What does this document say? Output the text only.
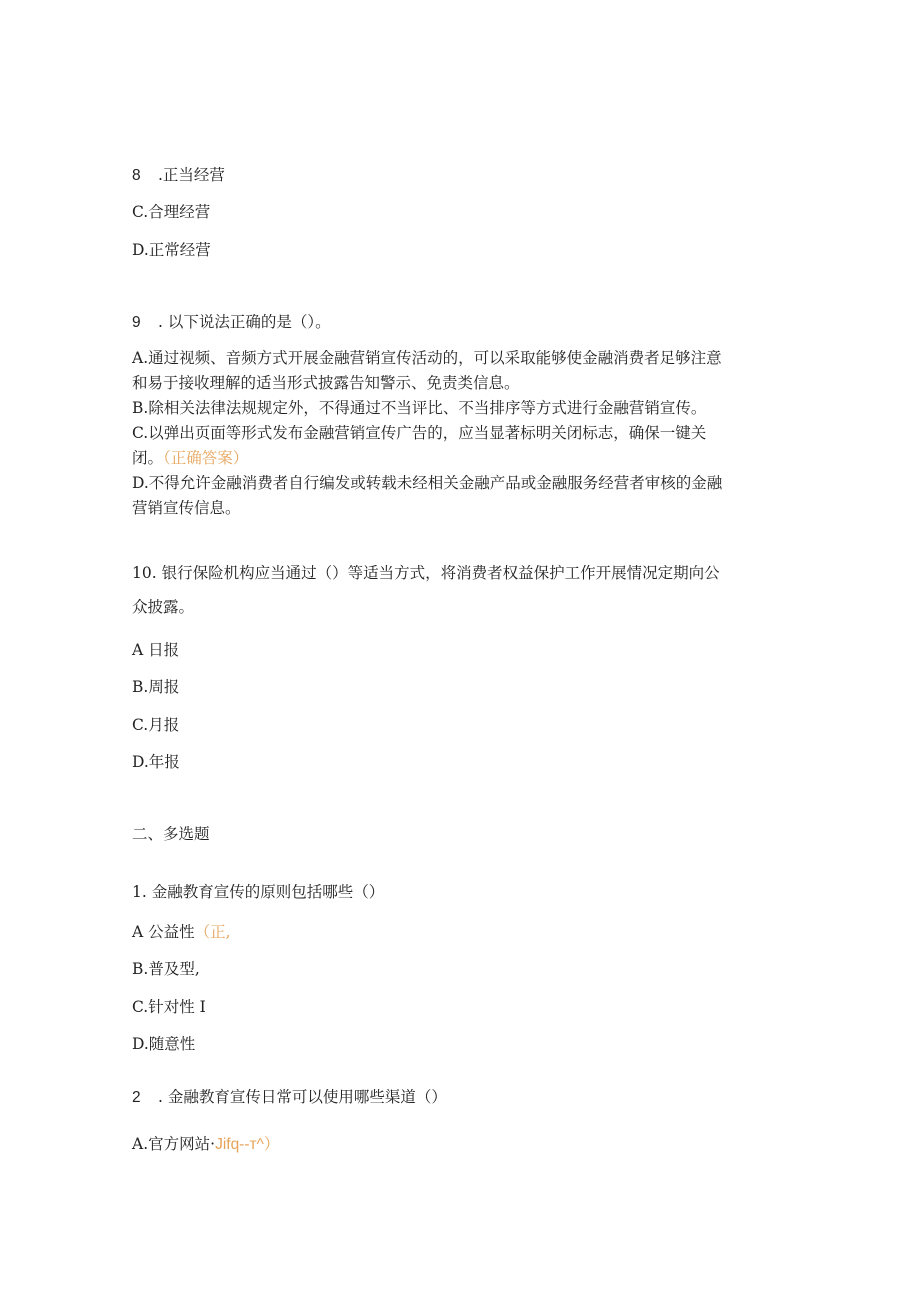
8 .正当经营
C.合理经营
D.正常经营
9 . 以下说法正确的是（）。
A.通过视频、音频方式开展金融营销宣传活动的，可以采取能够使金融消费者足够注意
和易于接收理解的适当形式披露告知警示、免责类信息。
B.除相关法律法规规定外，不得通过不当评比、不当排序等方式进行金融营销宣传。
C.以弹出页面等形式发布金融营销宣传广告的，应当显著标明关闭标志，确保一键关
闭。（正确答案）
D.不得允许金融消费者自行编发或转载未经相关金融产品或金融服务经营者审核的金融
营销宣传信息。
10. 银行保险机构应当通过（）等适当方式，将消费者权益保护工作开展情况定期向公
众披露。
A 日报
B.周报
C.月报
D.年报
二、多选题
1. 金融教育宣传的原则包括哪些（）
A 公益性（正,
B.普及型,
C.针对性 I
D.随意性
2 . 金融教育宣传日常可以使用哪些渠道（）
A.官方网站·Jifq--т^）
